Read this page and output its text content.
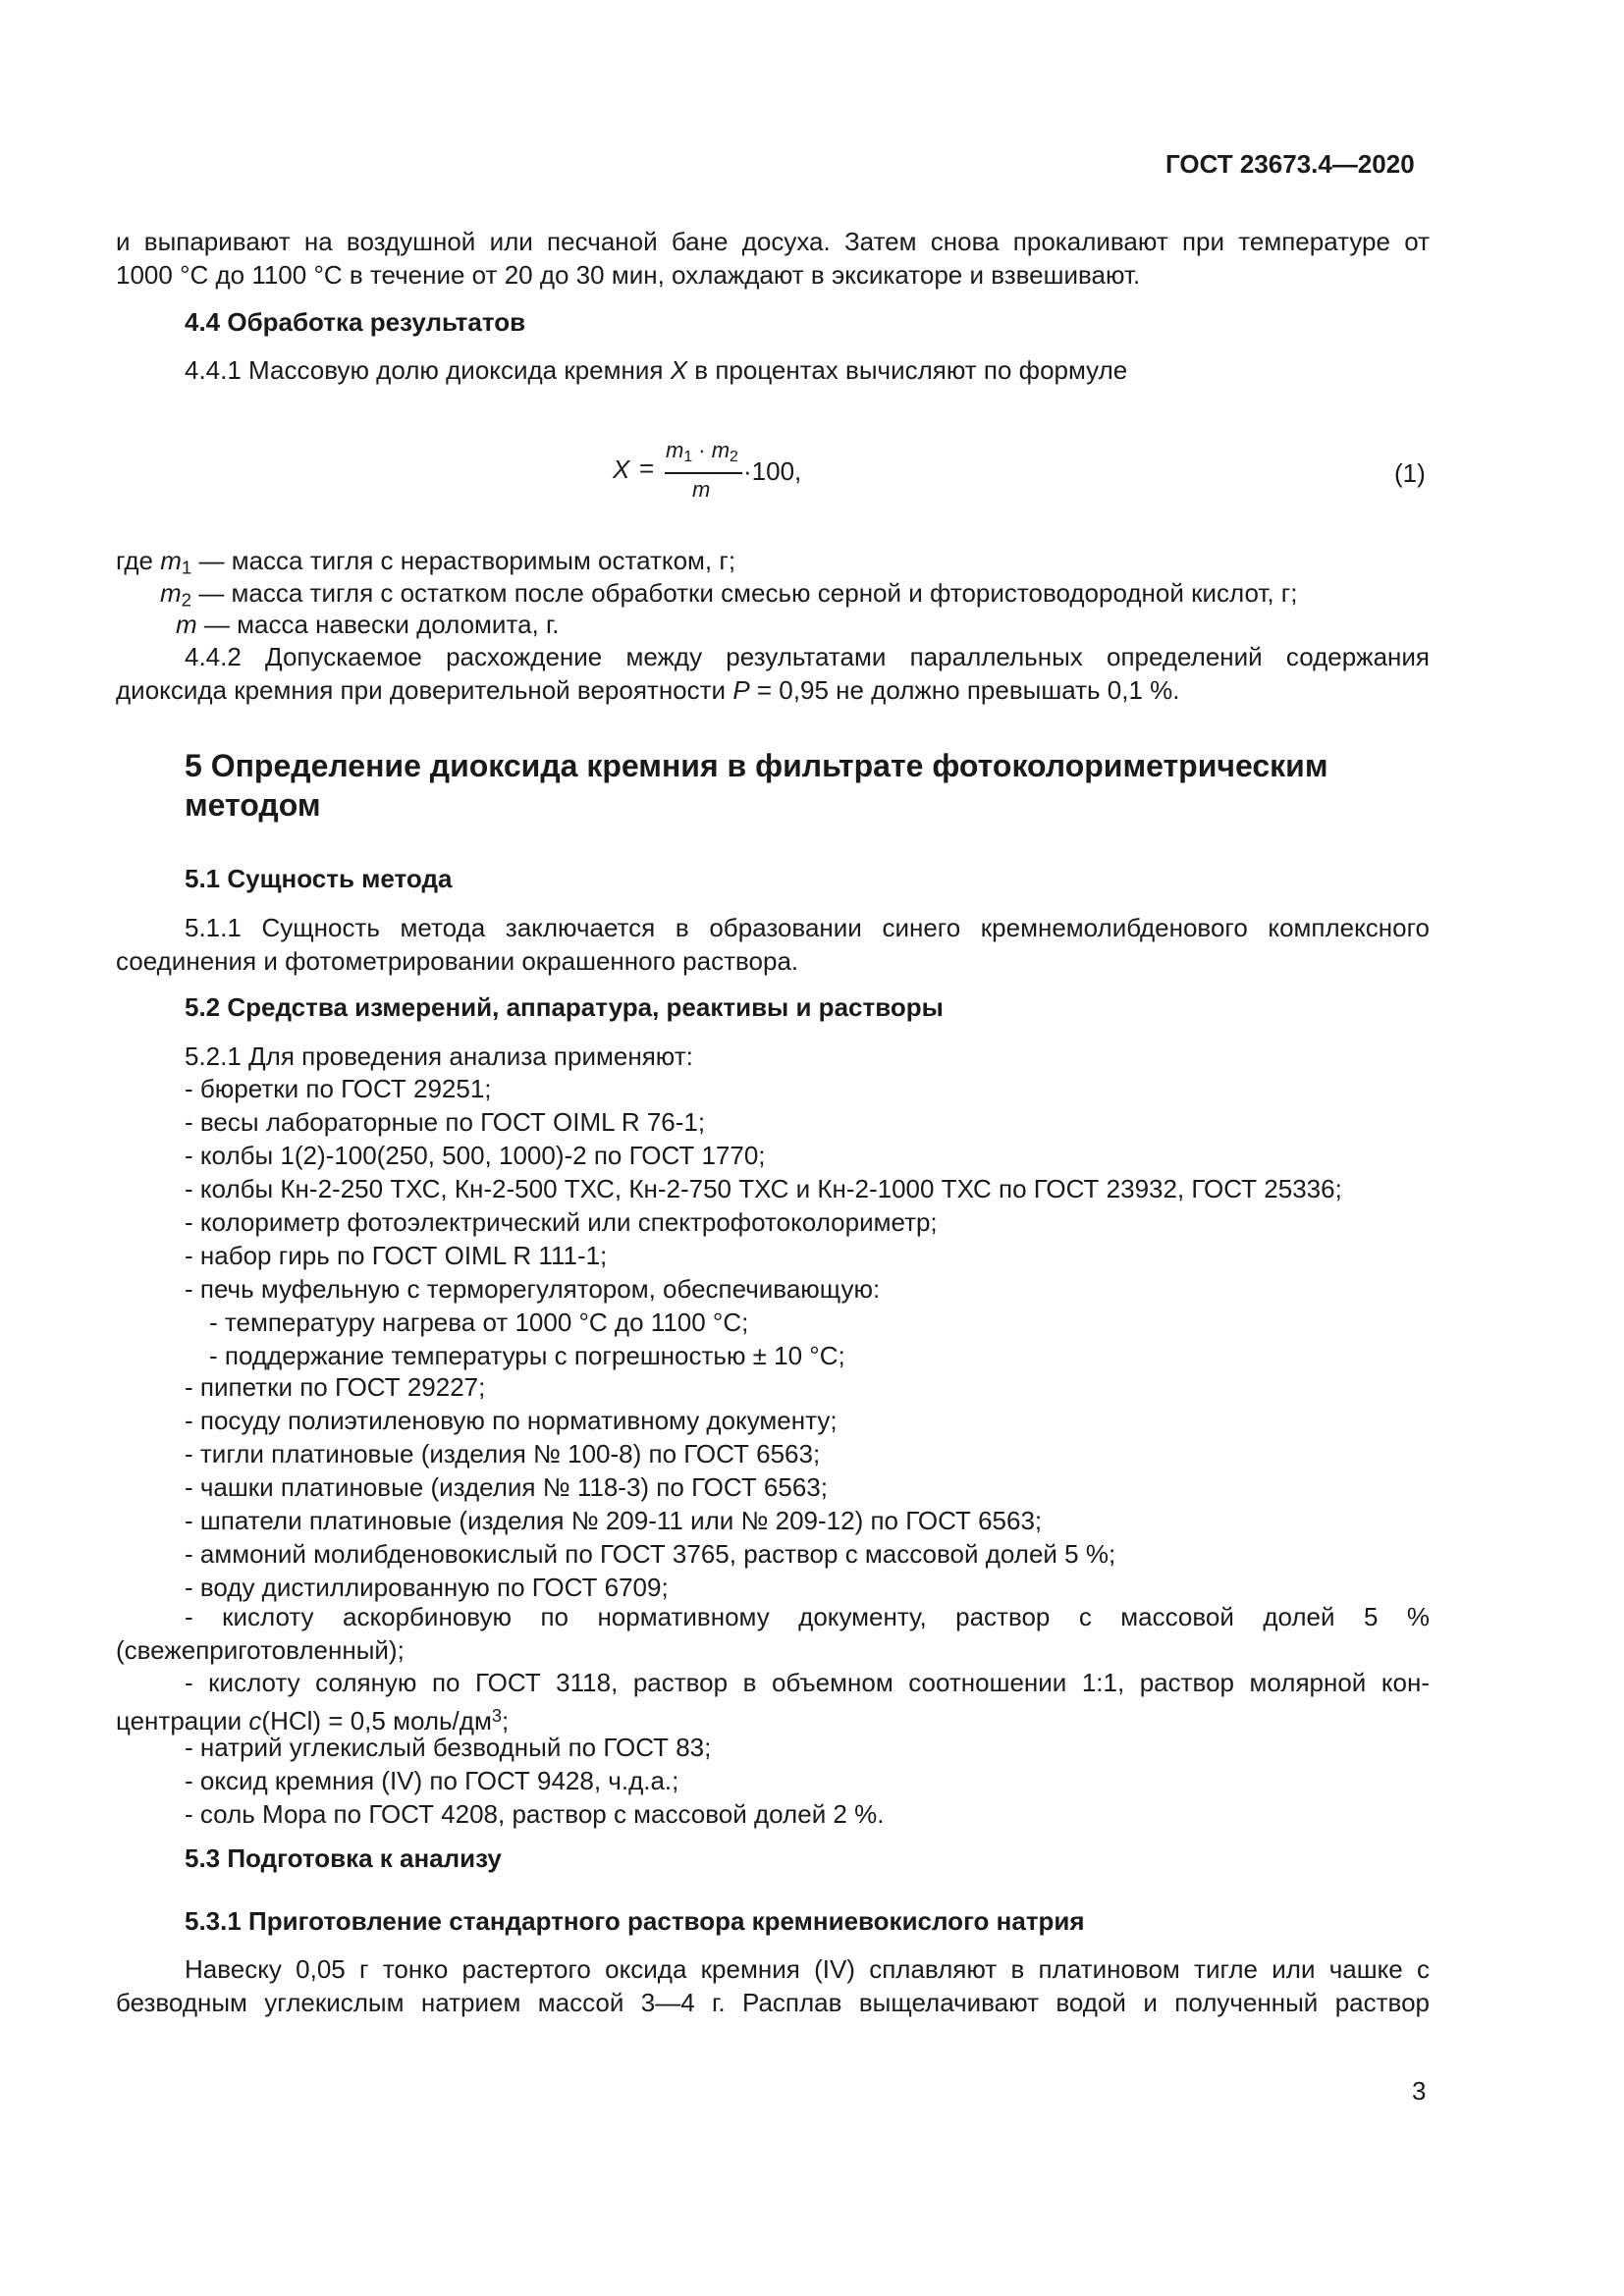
ГОСТ 23673.4—2020
и выпаривают на воздушной или песчаной бане досуха. Затем снова прокаливают при температуре от
1000 °C до 1100 °C в течение от 20 до 30 мин, охлаждают в эксикаторе и взвешивают.
4.4 Обработка результатов
4.4.1 Массовую долю диоксида кремния X в процентах вычисляют по формуле
X =
$m_1 \cdot m_2$
m
·100,	(1)
где $m_1$ — масса тигля с нерастворимым остатком, г;
$m_2$ — масса тигля с остатком после обработки смесью серной и фтористоводородной кислот, г;
m — масса навески доломита, г.
4.4.2 Допускаемое расхождение между результатами параллельных определений содержания
диоксида кремния при доверительной вероятности P = 0,95 не должно превышать 0,1 %.
5 Определение диоксида кремния в фильтрате фотоколориметрическим
методом
5.1 Сущность метода
5.1.1 Сущность метода заключается в образовании синего кремнемолибденового комплексного
соединения и фотометрировании окрашенного раствора.
5.2 Средства измерений, аппаратура, реактивы и растворы
5.2.1 Для проведения анализа применяют:
- бюретки по ГОСТ 29251;
- весы лабораторные по ГОСТ OIML R 76-1;
- колбы 1(2)-100(250, 500, 1000)-2 по ГОСТ 1770;
- колбы Кн-2-250 ТХС, Кн-2-500 ТХС, Кн-2-750 ТХС и Кн-2-1000 ТХС по ГОСТ 23932, ГОСТ 25336;
- колориметр фотоэлектрический или спектрофотоколориметр;
- набор гирь по ГОСТ OIML R 111-1;
- печь муфельную с терморегулятором, обеспечивающую:
- температуру нагрева от 1000 °С до 1100 °С;
- поддержание температуры с погрешностью ± 10 °С;
- пипетки по ГОСТ 29227;
- посуду полиэтиленовую по нормативному документу;
- тигли платиновые (изделия № 100-8) по ГОСТ 6563;
- чашки платиновые (изделия № 118-3) по ГОСТ 6563;
- шпатели платиновые (изделия № 209-11 или № 209-12) по ГОСТ 6563;
- аммоний молибденовокислый по ГОСТ 3765, раствор с массовой долей 5 %;
- воду дистиллированную по ГОСТ 6709;
- кислоту аскорбиновую по нормативному документу, раствор с массовой долей 5 %
(свежеприготовленный);
- кислоту соляную по ГОСТ 3118, раствор в объемном соотношении 1:1, раствор молярной кон-
центрации c(HCl) = 0,5 моль/$дм^3$;
- натрий углекислый безводный по ГОСТ 83;
- оксид кремния (IV) по ГОСТ 9428, ч.д.а.;
- соль Мора по ГОСТ 4208, раствор с массовой долей 2 %.
5.3 Подготовка к анализу
5.3.1 Приготовление стандартного раствора кремниевокислого натрия
Навеску 0,05 г тонко растертого оксида кремния (IV) сплавляют в платиновом тигле или чашке с
безводным углекислым натрием массой 3—4 г. Расплав выщелачивают водой и полученный раствор
3
